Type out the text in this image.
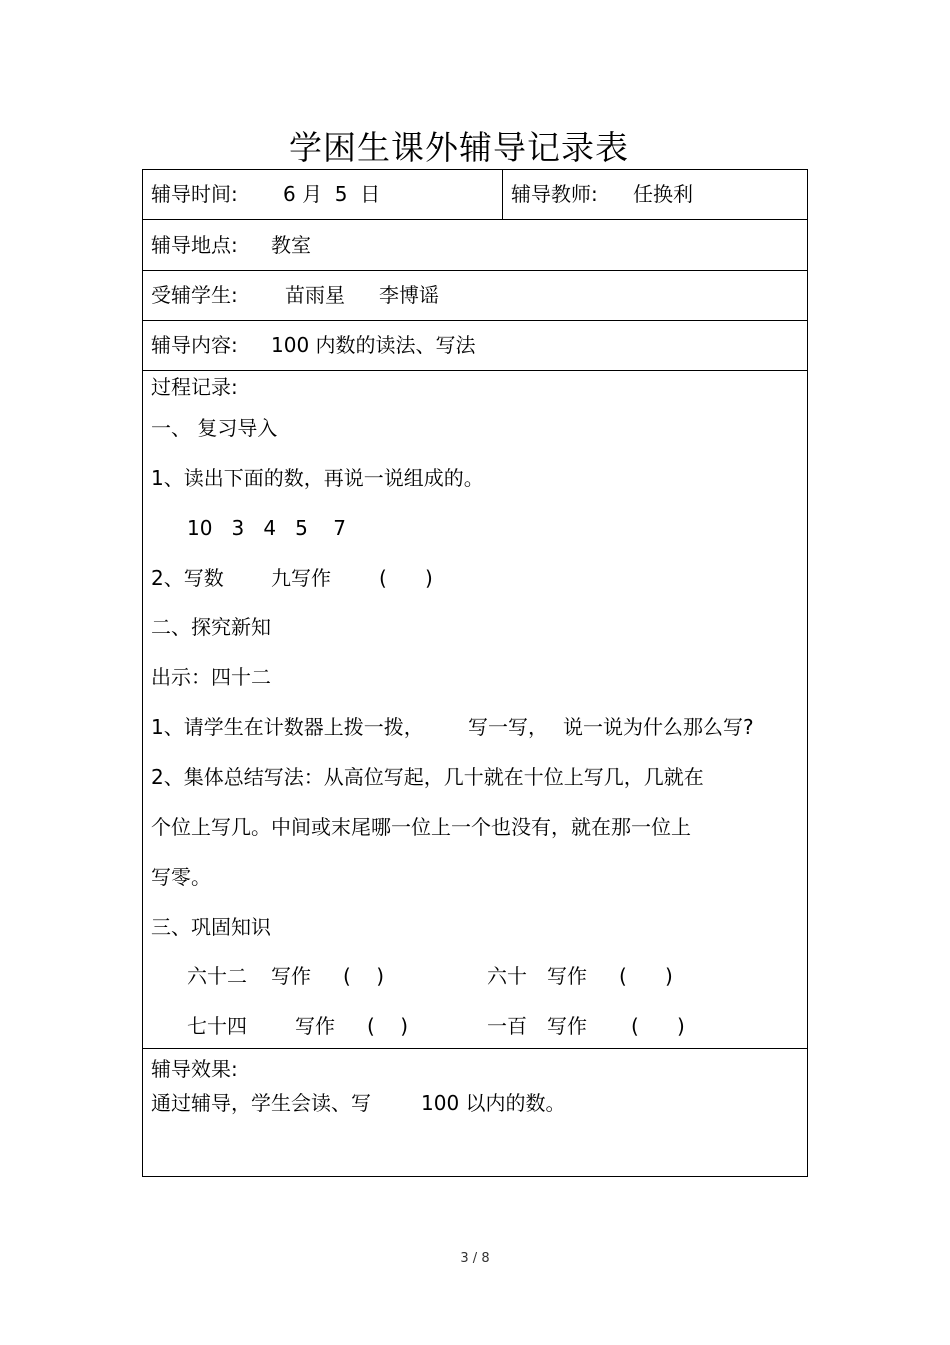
学困生课外辅导记录表
辅导时间: 6 月  5  日	辅导教师: 任换利
辅导地点: 教室
受辅学生: 苗雨星 李博谣
辅导内容: 100 内数的读法、写法
过程记录:
一、 复习导入
1、读出下面的数，再说一说组成的。
10   3   4   5    7
2、写数 九写作 (      )
二、探究新知
出示：四十二
1、请学生在计数器上拨一拨， 写一写， 说一说为什么那么写?
2、集体总结写法：从高位写起，几十就在十位上写几，几就在
个位上写几。中间或末尾哪一位上一个也没有，就在那一位上
写零。
三、巩固知识
六十二 写作 (    )	六十 写作 (      )
七十四 写作 (    )	一百 写作 (      )
辅导效果:
通过辅导，学生会读、写	100 以内的数。
3 / 8
